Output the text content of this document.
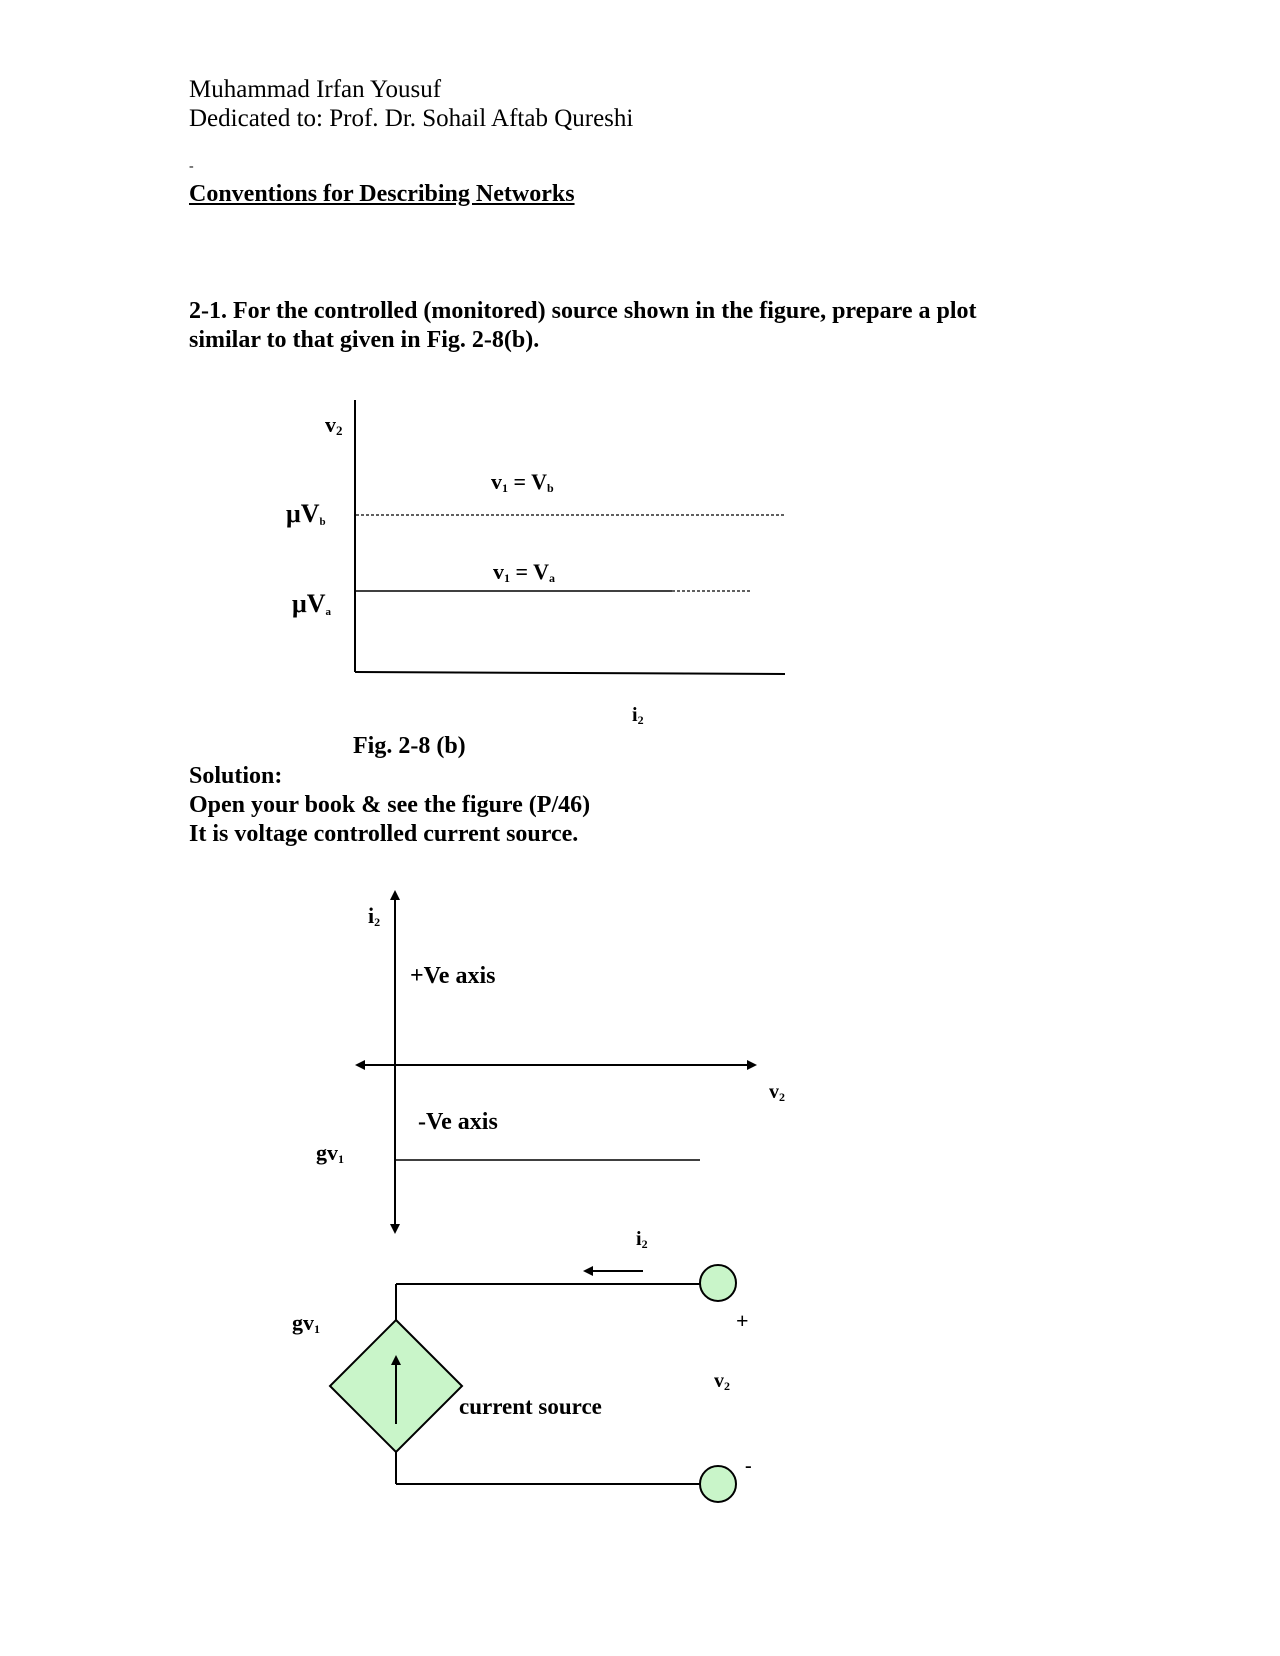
Muhammad Irfan Yousuf
Dedicated to: Prof. Dr. Sohail Aftab Qureshi
-
Conventions for Describing Networks
2-1. For the controlled (monitored) source shown in the figure, prepare a plot
similar to that given in Fig. 2-8(b).
v2
μVb
μVa
v1 = Vb
v1 = Va
i2
Fig. 2-8 (b)
Solution:
Open your book & see the figure (P/46)
It is voltage controlled current source.
i2
+Ve axis
v2
-Ve axis
gv1
i2
gv1	+
v2
current source
-
